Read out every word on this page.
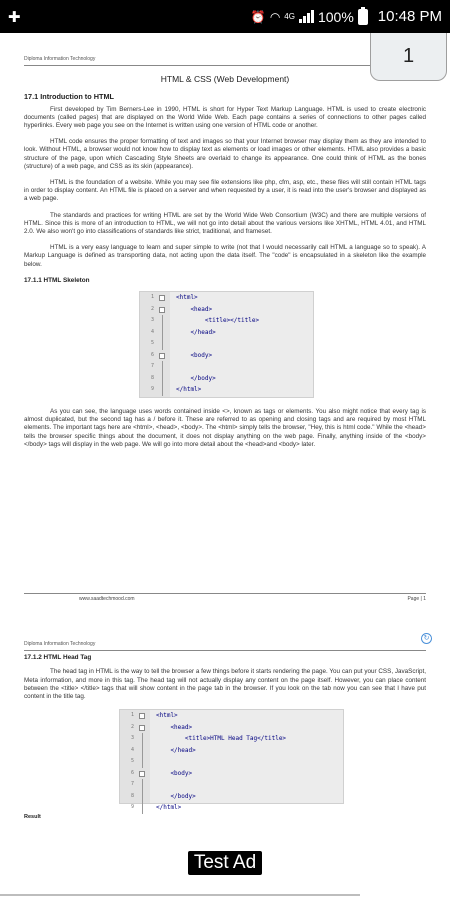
✚	⏰ ◠ 4G 100% 10:48 PM
1
Diploma Information Technology
HTML & CSS (Web Development)
17.1 Introduction to HTML

First developed by Tim Berners-Lee in 1990, HTML is short for Hyper Text Markup Language. HTML is used to create electronic documents (called pages) that are displayed on the World Wide Web. Each page contains a series of connections to other pages called hyperlinks. Every web page you see on the Internet is written using one version of HTML code or another.

HTML code ensures the proper formatting of text and images so that your Internet browser may display them as they are intended to look. Without HTML, a browser would not know how to display text as elements or load images or other elements. HTML also provides a basic structure of the page, upon which Cascading Style Sheets are overlaid to change its appearance. One could think of HTML as the bones (structure) of a web page, and CSS as its skin (appearance).

HTML is the foundation of a website. While you may see file extensions like php, cfm, asp, etc., these files will still contain HTML tags in order to display content. An HTML file is placed on a server and when requested by a user, it is read into the user's browser and displayed as a web page.

The standards and practices for writing HTML are set by the World Wide Web Consortium (W3C) and there are multiple versions of HTML. Since this is more of an introduction to HTML, we will not go into detail about the various versions like XHTML, HTML 4.01, and HTML 2.0. We also won't go into classifications of standards like strict, traditional, and frameset.

HTML is a very easy language to learn and super simple to write (not that I would necessarily call HTML a language so to speak). A Markup Language is defined as transporting data, not acting upon the data itself. The "code" is encapsulated in a skeleton like the example below.

17.1.1 HTML Skeleton
1	<html>
2	<head>
3	<title></title>
4	</head>
5
6	<body>
7
8	</body>
9	</html>

As you can see, the language uses words contained inside <>, known as tags or elements. You also might notice that every tag is almost duplicated, but the second tag has a / before it. These are referred to as opening and closing tags and are required by most HTML elements. The important tags here are <html>, <head>, <body>. The <html> simply tells the browser, "Hey, this is html code." While the <head> tells the browser specific things about the document, it does not display anything on the web page. Finally, anything inside of the <body></body> tags will display in the web page. We will go into more detail about the <head>and <body> later.

www.saadtechmood.com	Page | 1
↻
Diploma Information Technology
17.1.2 HTML Head Tag

The head tag in HTML is the way to tell the browser a few things before it starts rendering the page. You can put your CSS, JavaScript, Meta information, and more in this tag. The head tag will not actually display any content on the page itself. However, you can place content between the <title> </title> tags that will show content in the page tab in the browser. If you look on the tab now you can see that I have put content in the title tag.

1	<html>
2	<head>
3	<title>HTML Head Tag</title>
4	</head>
5
6	<body>
7
8	</body>
9	</html>
Result
Test Ad
